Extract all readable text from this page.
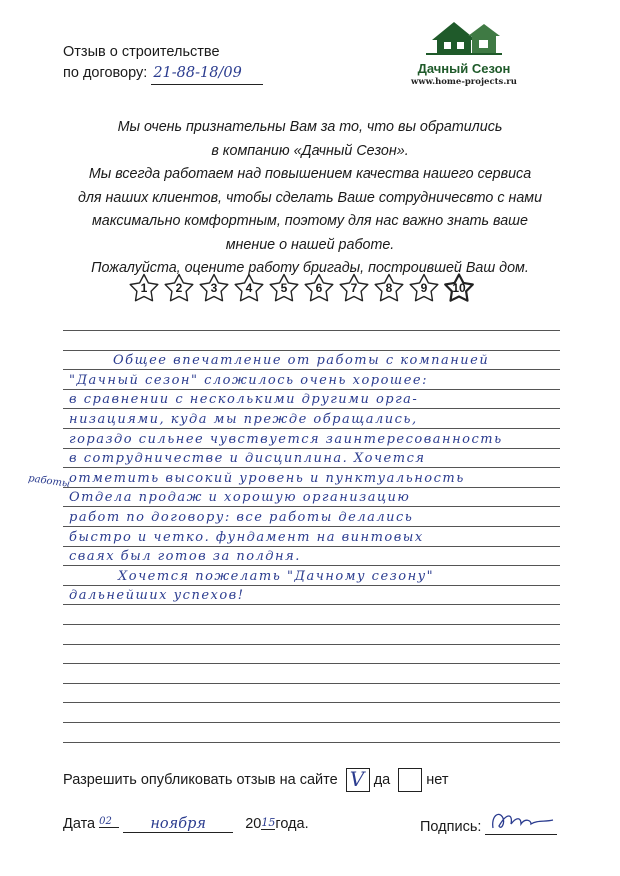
Отзыв о строительстве
по договору: 21-88-18/09	Дачный Сезон
www.home-projects.ru
Мы очень признательны Вам за то, что вы обратились
в компанию «Дачный Сезон».
Мы всегда работаем над повышением качества нашего сервиса
для наших клиентов, чтобы сделать Ваше сотрудничесвто с нами
максимально комфортным, поэтому для нас важно знать ваше
мнение о нашей работе.
Пожалуйста, оцените работу бригады, построившей Ваш дом.
1	2	3	4	5	6	7	8	9	10
Общее впечатление от работы с компанией
"Дачный сезон" сложилось очень хорошее:
в сравнении с несколькими другими орга-
низациями, куда мы прежде обращались,
гораздо сильнее чувствуется заинтересованность
в сотрудничестве и дисциплина. Хочется
отметить высокий уровень и пунктуальность
Отдела продаж и хорошую организацию
работ по договору: все работы делались
быстро и четко. фундамент на винтовых
сваях был готов за полдня.
Хочется пожелать "Дачному сезону"
дальнейших успехов!
работы
Разрешить опубликовать отзыв на сайте V да нет
Дата 02	ноября	2015года.	Подпись:
